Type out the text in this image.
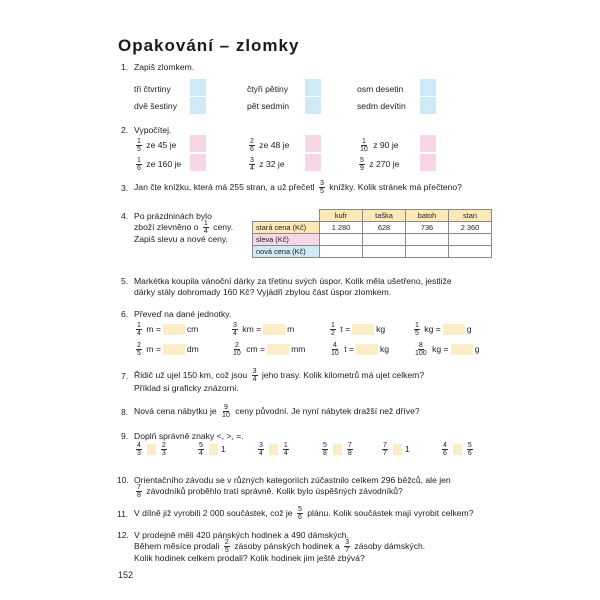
Opakování – zlomky
1. Zapiš zlomkem.
tři čtvrtiny	čtyři pětiny	osm desetin
dvě šestiny	pět sedmin	sedm devítin
2. Vypočítej.
$\frac{1}{5}$ ze 45 je	$\frac{2}{6}$ ze 48 je	$\frac{1}{10}$ z 90 je
$\frac{1}{6}$ ze 160 je	$\frac{3}{4}$ z 32 je	$\frac{5}{9}$ z 270 je
3. Jan čte knížku, která má 255 stran, a už přečetl $\frac{3}{5}$ knížky. Kolik stránek má přečteno?
4. Po prázdninách bylo
zboží zlevněno o $\frac{1}{4}$ ceny.
Zapiš slevu a nové ceny.
	kufr	taška	batoh	stan
stará cena (Kč)	1 280	628	736	2 360
sleva (Kč)				
nová cena (Kč)				
5. Markétka koupila vánoční dárky za třetinu svých úspor. Kolik měla ušetřeno, jestliže
dárky stály dohromady 160 Kč? Vyjádři zbylou část úspor zlomkem.
6. Převeď na dané jednotky.
$\frac{1}{4}$ m =	cm	$\frac{3}{4}$ km =	m	$\frac{1}{2}$ t =	kg	$\frac{1}{5}$ kg =	g
$\frac{2}{5}$ m =	dm	$\frac{2}{10}$ cm =	mm	$\frac{4}{10}$ t =	kg	$\frac{8}{100}$ kg =	g
7. Řidič už ujel 150 km, což jsou $\frac{3}{4}$ jeho trasy. Kolik kilometrů má ujet celkem?
Příklad si graficky znázorni.
8. Nová cena nábytku je $\frac{9}{10}$ ceny původní. Je nyní nábytek dražší než dříve?
9. Doplň správně znaky <, >, =.
$\frac{4}{3}$	$\frac{2}{3}$	$\frac{5}{4} 1$	$\frac{3}{4}$	$\frac{1}{4}$	$\frac{5}{8}$	$\frac{7}{8}$	$\frac{7}{7} 1$	$\frac{4}{6}$	$\frac{5}{6}$
10. Orientačního závodu se v různých kategoriích zúčastnilo celkem 296 běžců, ale jen
$\frac{7}{8}$ závodníků proběhlo tratí správně. Kolik bylo úspěšných závodníků?
11. V dílně již vyrobili 2 000 součástek, což je $\frac{5}{6}$ plánu. Kolik součástek mají vyrobit celkem?
12. V prodejně měli 420 pánských hodinek a 490 dámských.
Během měsíce prodali $\frac{2}{5}$ zásoby pánských hodinek a $\frac{3}{7}$ zásoby dámských.
Kolik hodinek celkem prodali? Kolik hodinek jim ještě zbývá?
152
